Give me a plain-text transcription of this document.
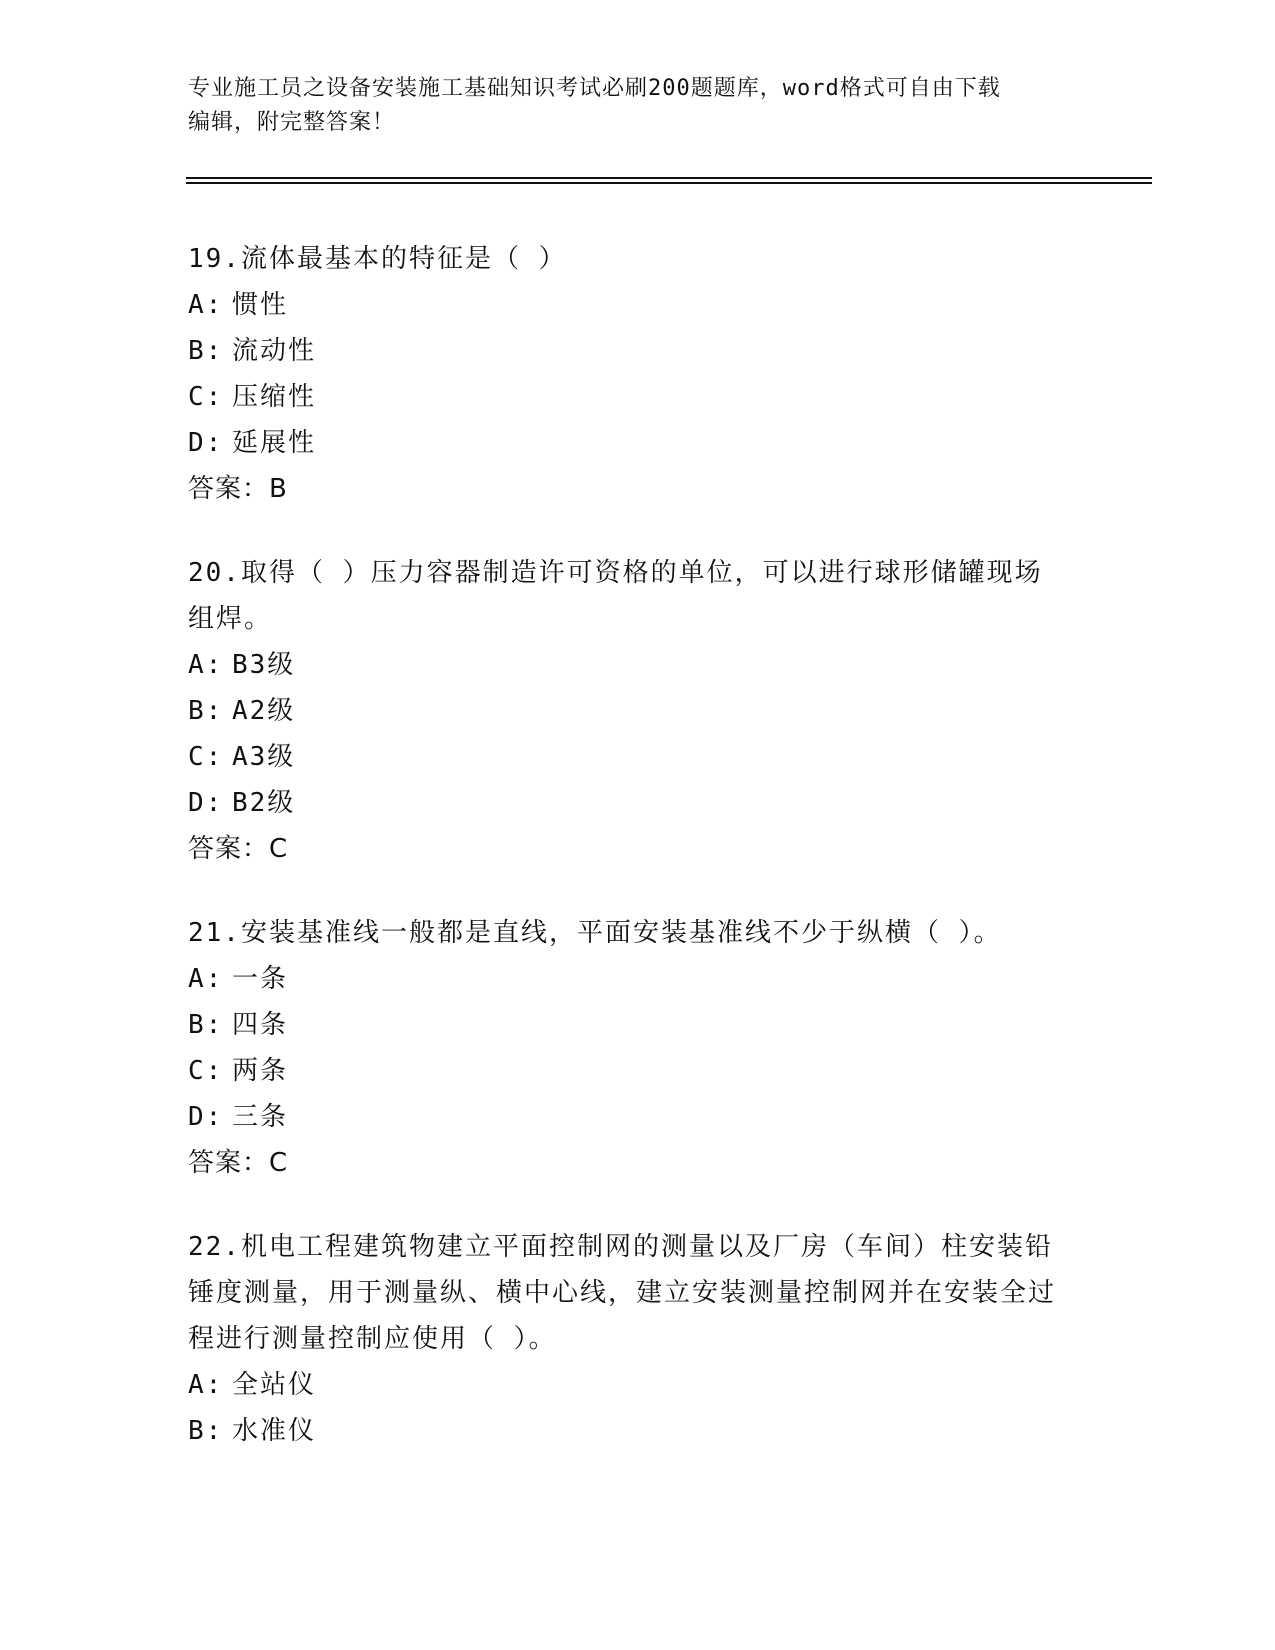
专业施工员之设备安装施工基础知识考试必刷200题题库，word格式可自由下载
编辑，附完整答案！
19.流体最基本的特征是（ ）
A: 惯性
B: 流动性
C: 压缩性
D: 延展性
答案：B
20.取得（ ）压力容器制造许可资格的单位，可以进行球形储罐现场组焊。
A: B3级
B: A2级
C: A3级
D: B2级
答案：C
21.安装基准线一般都是直线，平面安装基准线不少于纵横（ ）。
A: 一条
B: 四条
C: 两条
D: 三条
答案：C
22.机电工程建筑物建立平面控制网的测量以及厂房（车间）柱安装铅锤度测量，用于测量纵、横中心线，建立安装测量控制网并在安装全过程进行测量控制应使用（ ）。
A: 全站仪
B: 水准仪
